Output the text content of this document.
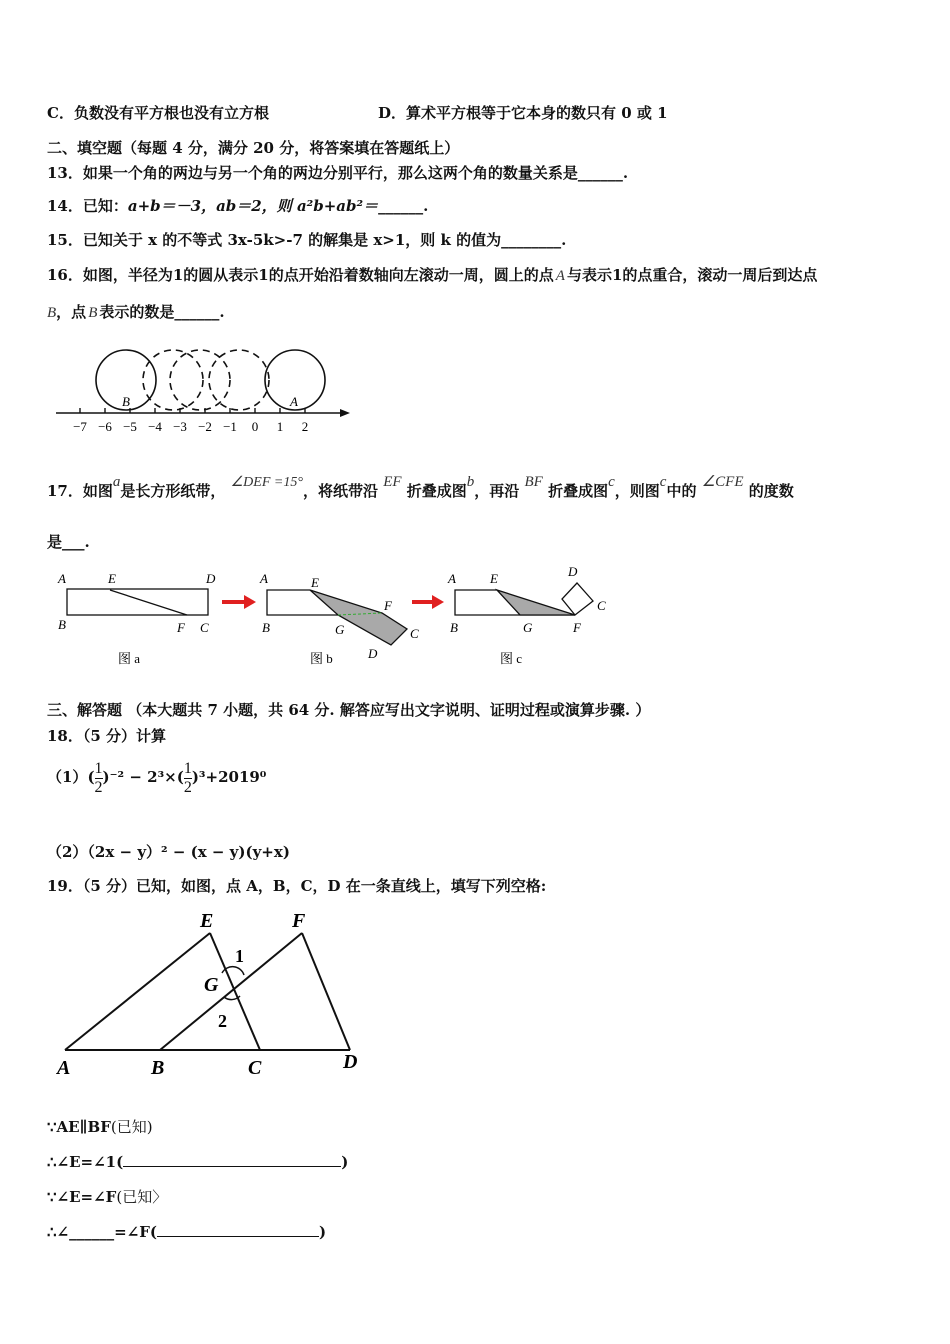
C．负数没有平方根也没有立方根	D．算术平方根等于它本身的数只有 0 或 1
二、填空题（每题 4 分，满分 20 分，将答案填在答题纸上）
13．如果一个角的两边与另一个角的两边分别平行，那么这两个角的数量关系是______.
14．已知：a+b＝－3，ab＝2，则 a²b+ab²＝______.
15．已知关于 x 的不等式 3x-5k>-7 的解集是 x>1，则 k 的值为________.
16．如图，半径为1的圆从表示1的点开始沿着数轴向左滚动一周，圆上的点 A 与表示1的点重合，滚动一周后到达点
B，点 B 表示的数是______.
−7 −6 −5 −4 −3 −2 −1 0 1 2
B	A
17．如图a是长方形纸带， ∠DEF =15°，将纸带沿 EF 折叠成图b，再沿 BF 折叠成图c，则图c中的 ∠CFE 的度数
是___.
A	E	D
B	F C
图 a
A	E
F
B	G	C
D
图 b
A	E	D
C
B	G	F
图 c
三、解答题 （本大题共 7 小题，共 64 分. 解答应写出文字说明、证明过程或演算步骤. ）
18．（5 分）计算
$(1)( \frac{1}{2} )^{-2} - 2^3\times( \frac{1}{2} )^3+2019^0$
（2）（2x − y）² − (x − y)(y+x)
19．（5 分）已知，如图，点 A，B，C，D 在一条直线上，填写下列空格:
E	F
G
1
2
A	B	C	D
∵AE∥BF(已知)
∴∠E=∠1(	)
∵∠E=∠F(已知〉
∴∠______=∠F(	)
